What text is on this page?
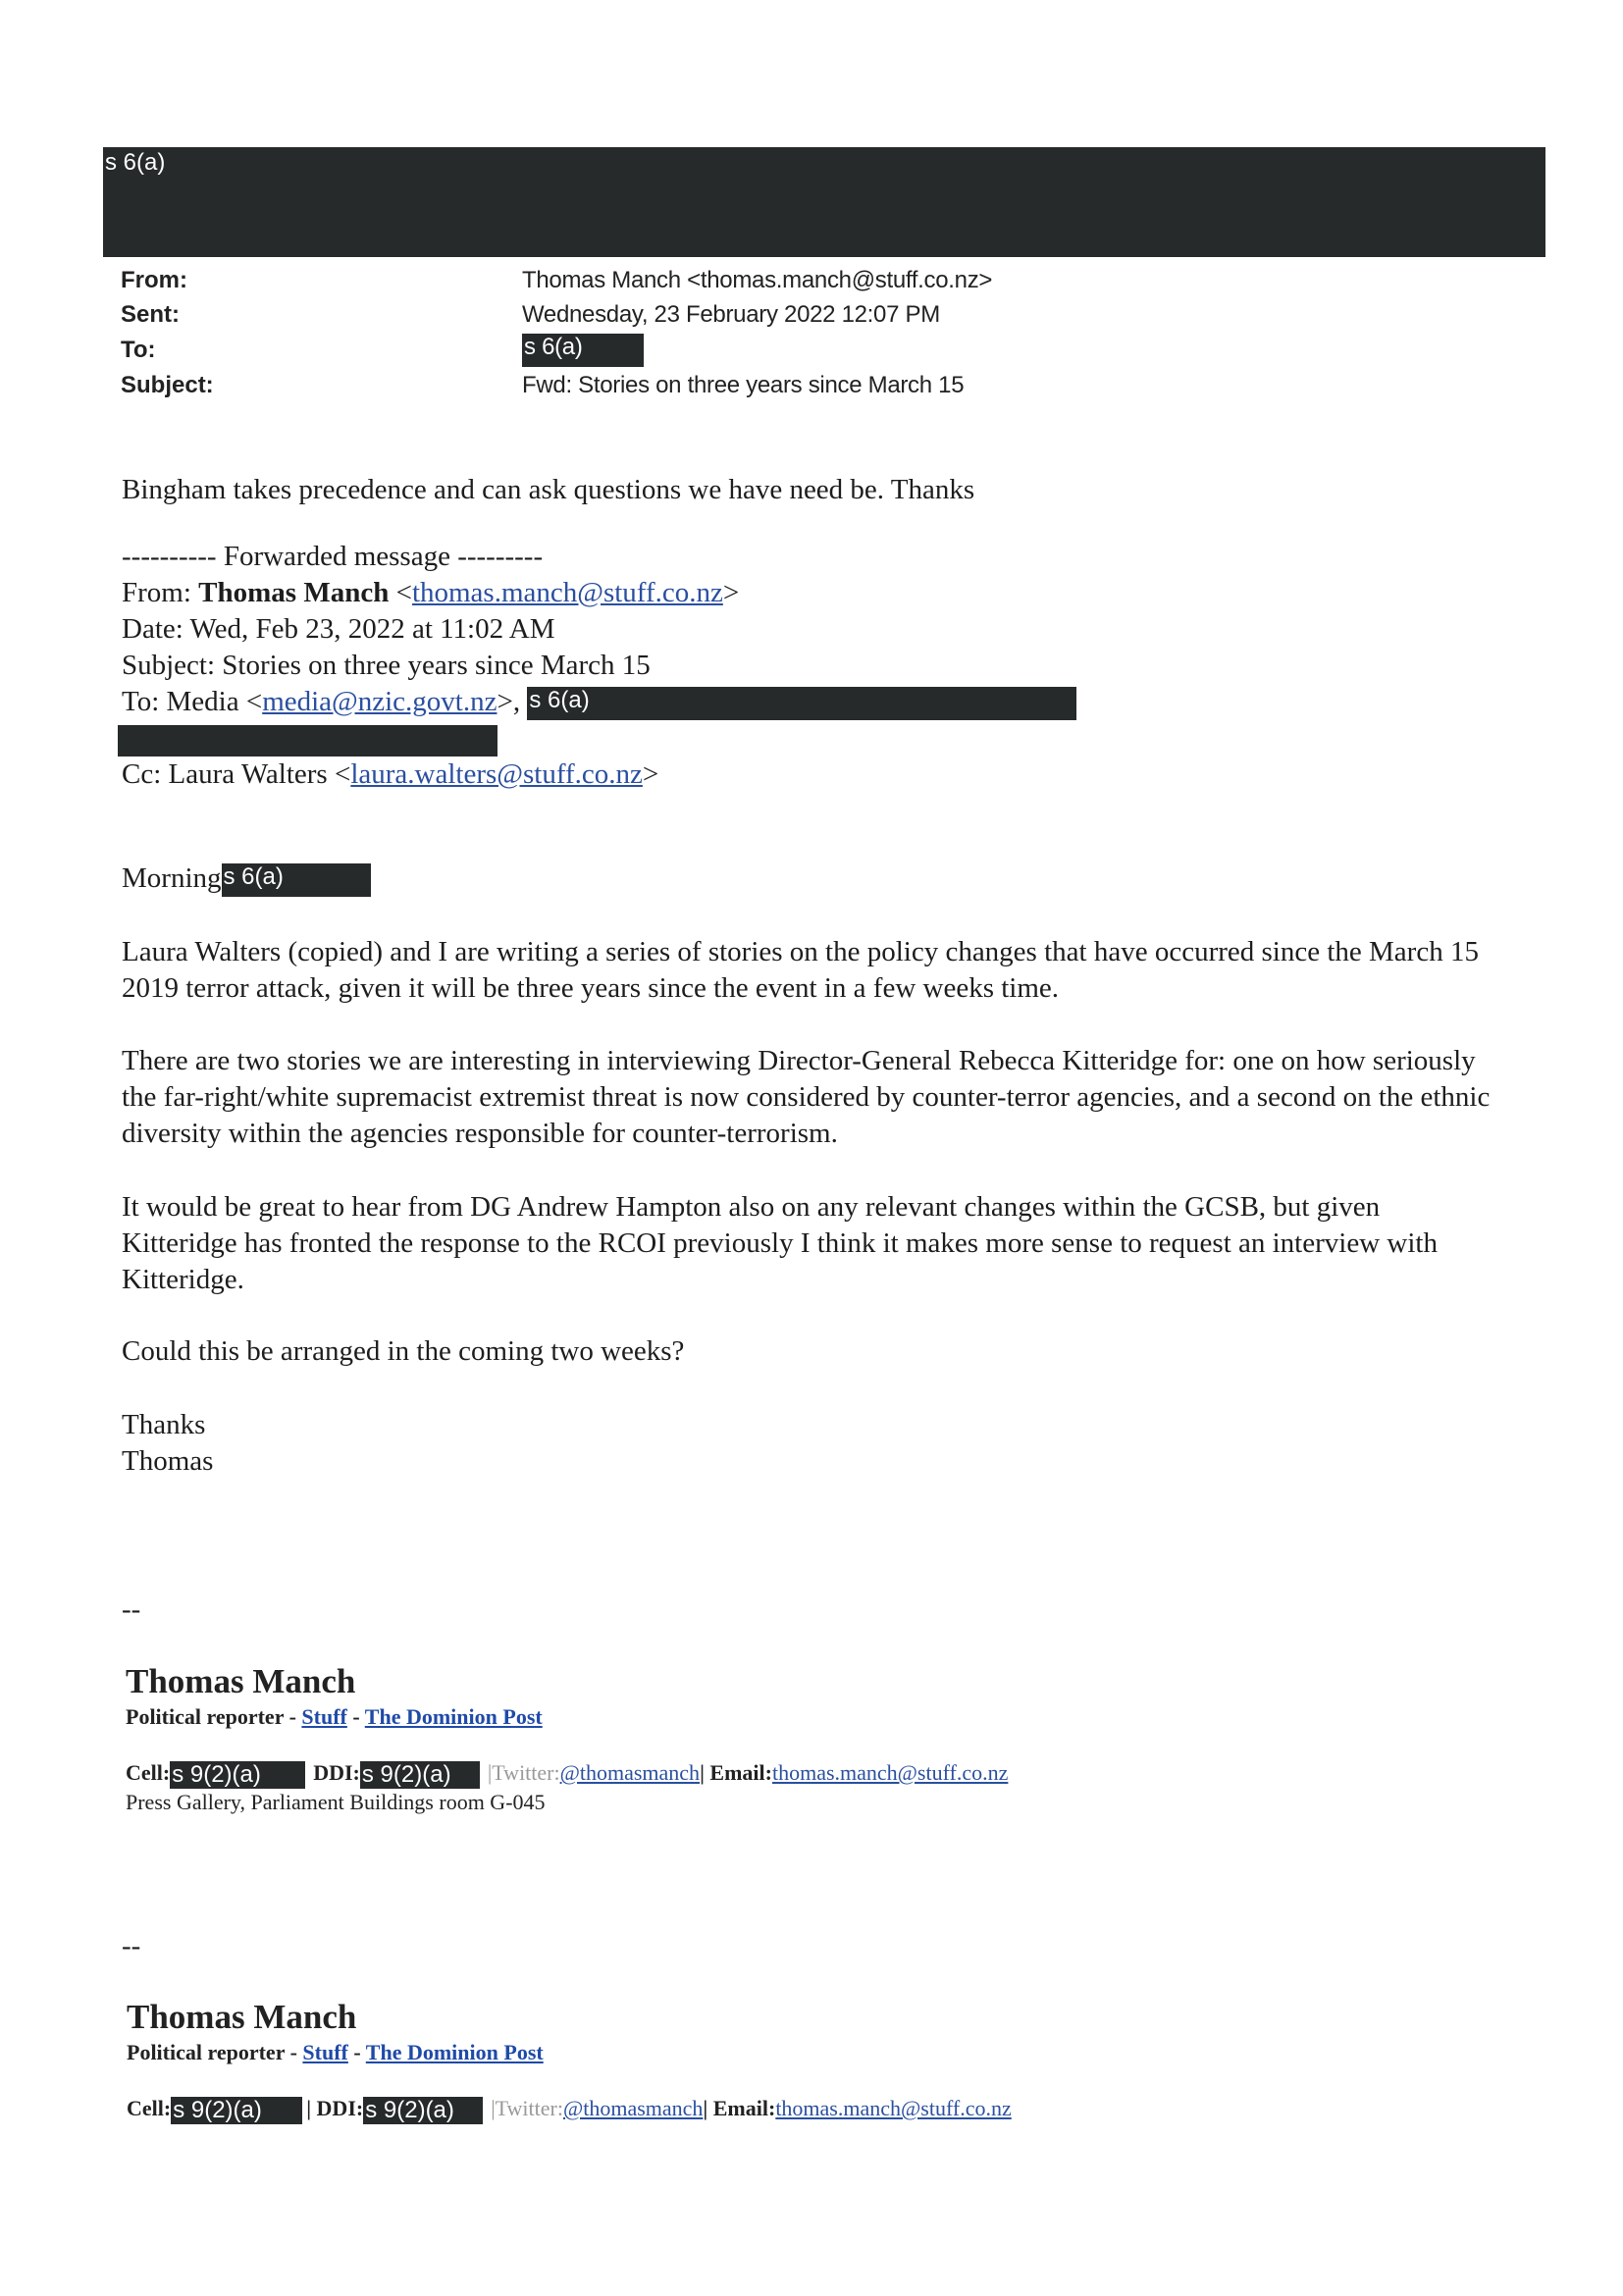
s 6(a)
From:	Thomas Manch <thomas.manch@stuff.co.nz>
Sent:	Wednesday, 23 February 2022 12:07 PM
To:	s 6(a)
Subject:	Fwd: Stories on three years since March 15
Bingham takes precedence and can ask questions we have need be. Thanks

---------- Forwarded message ---------

From: Thomas Manch <thomas.manch@stuff.co.nz>

Date: Wed, Feb 23, 2022 at 11:02 AM

Subject: Stories on three years since March 15

To: Media <media@nzic.govt.nz>, s 6(a)

Cc: Laura Walters <laura.walters@stuff.co.nz>

Mornings 6(a)
Laura Walters (copied) and I are writing a series of stories on the policy changes that have occurred since the March 15 2019 terror attack, given it will be three years since the event in a few weeks time.
There are two stories we are interesting in interviewing Director-General Rebecca Kitteridge for: one on how seriously the far-right/white supremacist extremist threat is now considered by counter-terror agencies, and a second on the ethnic diversity within the agencies responsible for counter-terrorism.
It would be great to hear from DG Andrew Hampton also on any relevant changes within the GCSB, but given Kitteridge has fronted the response to the RCOI previously I think it makes more sense to request an interview with Kitteridge.
Could this be arranged in the coming two weeks?
Thanks
Thomas
--
Thomas Manch
Political reporter - Stuff - The Dominion Post
Cell:s 9(2)(a) DDI:s 9(2)(a) |Twitter:@thomasmanch| Email:thomas.manch@stuff.co.nz
Press Gallery, Parliament Buildings room G-045
--
Thomas Manch
Political reporter - Stuff - The Dominion Post
Cell:s 9(2)(a) | DDI:s 9(2)(a) |Twitter:@thomasmanch| Email:thomas.manch@stuff.co.nz
